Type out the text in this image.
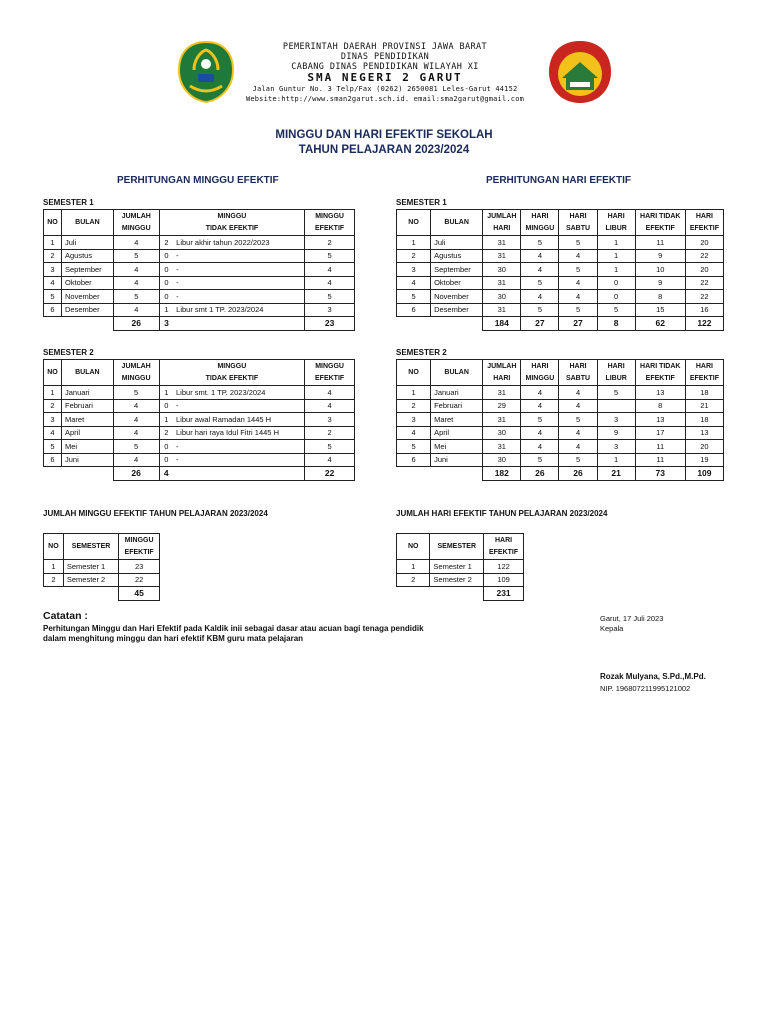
PEMERINTAH DAERAH PROVINSI JAWA BARAT
DINAS PENDIDIKAN
CABANG DINAS PENDIDIKAN WILAYAH XI
SMA NEGERI 2 GARUT
Jalan Guntur No. 3 Telp/Fax (0262) 2650081 Leles-Garut 44152
Website:http://www.sman2garut.sch.id. email:sma2garut@gmail.com
MINGGU DAN HARI EFEKTIF SEKOLAH
TAHUN PELAJARAN 2023/2024
PERHITUNGAN MINGGU EFEKTIF	PERHITUNGAN HARI EFEKTIF
SEMESTER 1	SEMESTER 1
SEMESTER 2	SEMESTER 2
NO	BULAN	JUMLAH	MINGGU		MINGGU
		MINGGU	TIDAK EFEKTIF		EFEKTIF
1	Juli	4	2	Libur akhir tahun 2022/2023	2
2	Agustus	5	0	-	5
3	September	4	0	-	4
4	Oktober	4	0	-	4
5	November	5	0	-	5
6	Desember	4	1	Libur smt 1 TP. 2023/2024	3
		26	3		23
NO	BULAN	JUMLAH	MINGGU		MINGGU
		MINGGU	TIDAK EFEKTIF		EFEKTIF
1	Januari	5	1	Libur smt. 1 TP. 2023/2024	4
2	Februari	4	0	-	4
3	Maret	4	1	Libur awal Ramadan 1445 H	3
4	April	4	2	Libur hari raya Idul Fitri 1445 H	2
5	Mei	5	0	-	5
6	Juni	4	0	-	4
		26	4		22
NO	BULAN	JUMLAH	HARI	HARI	HARI	HARI TIDAK	HARI
		HARI	MINGGU	SABTU	LIBUR	EFEKTIF	EFEKTIF
1	Juli	31	5	5	1	11	20
2	Agustus	31	4	4	1	9	22
3	September	30	4	5	1	10	20
4	Oktober	31	5	4	0	9	22
5	November	30	4	4	0	8	22
6	Desember	31	5	5	5	15	16
		184	27	27	8	62	122
NO	BULAN	JUMLAH	HARI	HARI	HARI	HARI TIDAK	HARI
		HARI	MINGGU	SABTU	LIBUR	EFEKTIF	EFEKTIF
1	Januari	31	4	4	5	13	18
2	Februari	29	4	4		8	21
3	Maret	31	5	5	3	13	18
4	April	30	4	4	9	17	13
5	Mei	31	4	4	3	11	20
6	Juni	30	5	5	1	11	19
		182	26	26	21	73	109
JUMLAH MINGGU EFEKTIF TAHUN PELAJARAN 2023/2024	JUMLAH HARI EFEKTIF TAHUN PELAJARAN 2023/2024
NO	SEMESTER	MINGGU
		EFEKTIF
1	Semester 1	23
2	Semester 2	22
		45
NO	SEMESTER	HARI
		EFEKTIF
1	Semester 1	122
2	Semester 2	109
		231
Catatan :
Perhitungan Minggu dan Hari Efektif pada Kaldik inii sebagai dasar atau acuan bagi tenaga pendidik
dalam menghitung minggu dan hari efektif KBM guru mata pelajaran
Garut, 17 Juli 2023
Kepala
Rozak Mulyana, S.Pd.,M.Pd.
NIP. 196807211995121002
